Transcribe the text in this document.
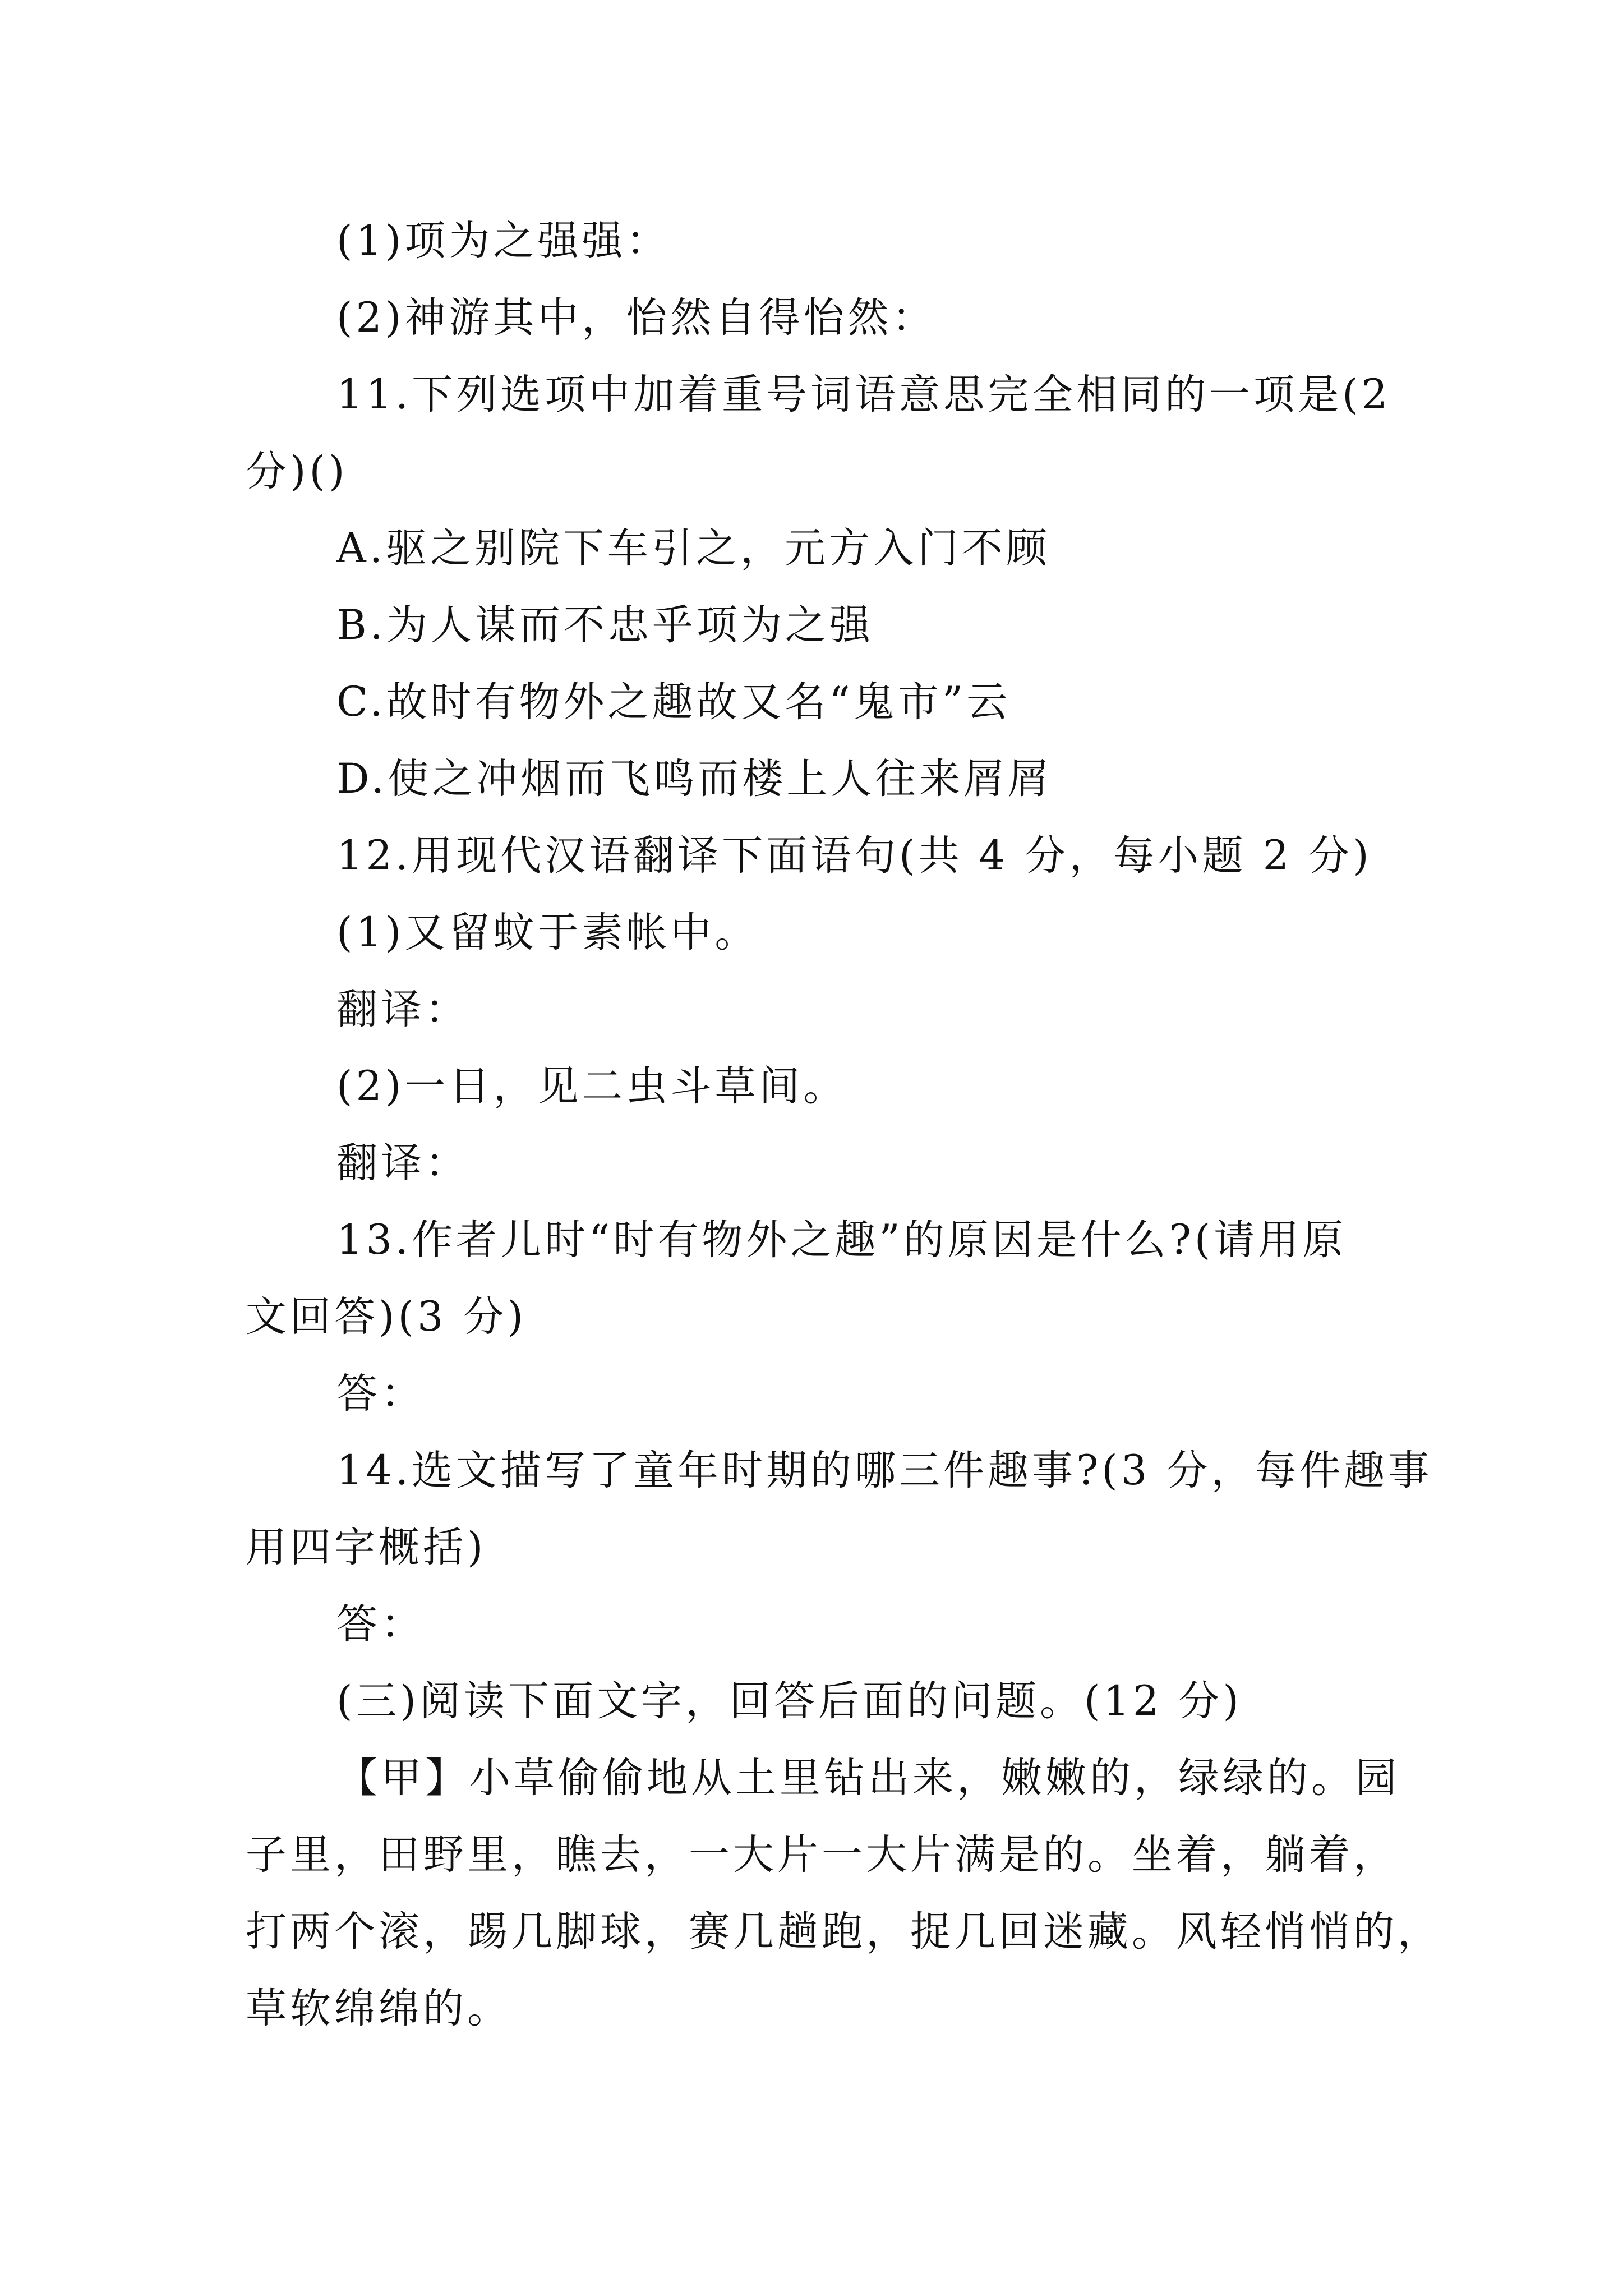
(1)项为之强强：
(2)神游其中，怡然自得怡然：
11.下列选项中加着重号词语意思完全相同的一项是(2
分)()
A.驱之别院下车引之，元方入门不顾
B.为人谋而不忠乎项为之强
C.故时有物外之趣故又名“鬼市”云
D.使之冲烟而飞鸣而楼上人往来屑屑
12.用现代汉语翻译下面语句(共 4 分，每小题 2 分)
(1)又留蚊于素帐中。
翻译：
(2)一日，见二虫斗草间。
翻译：
13.作者儿时“时有物外之趣”的原因是什么?(请用原
文回答)(3 分)
答：
14.选文描写了童年时期的哪三件趣事?(3 分，每件趣事
用四字概括)
答：
(三)阅读下面文字，回答后面的问题。(12 分)
【甲】小草偷偷地从土里钻出来，嫩嫩的，绿绿的。园
子里，田野里，瞧去，一大片一大片满是的。坐着，躺着，
打两个滚，踢几脚球，赛几趟跑，捉几回迷藏。风轻悄悄的，
草软绵绵的。
